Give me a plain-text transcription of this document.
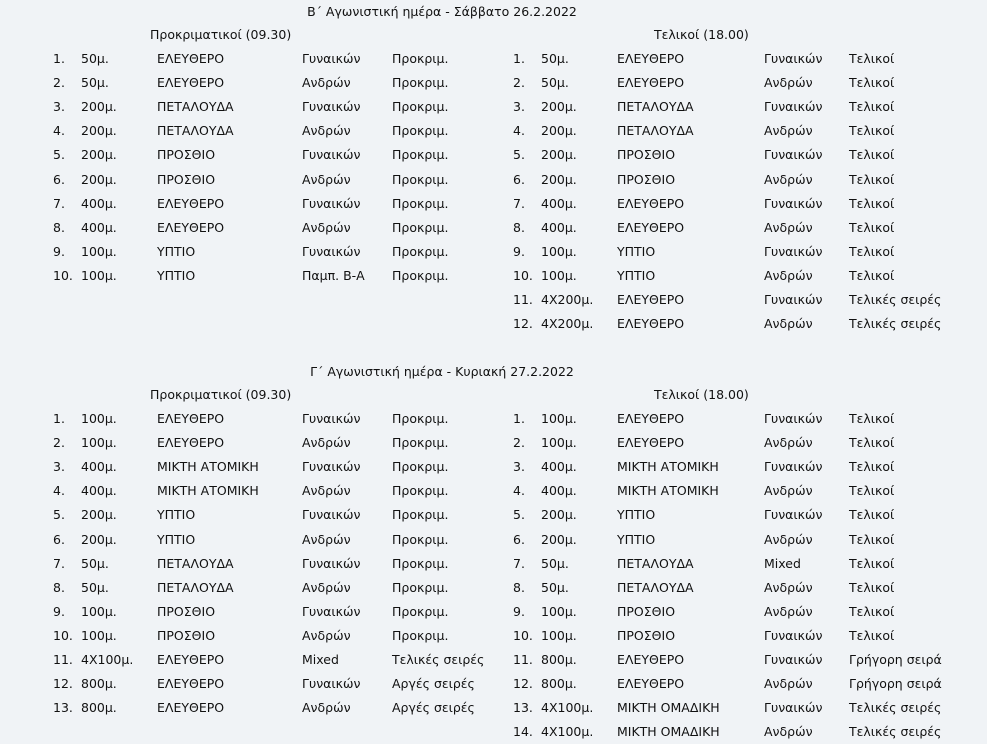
Β΄ Αγωνιστική ημέρα - Σάββατο 26.2.2022
Προκριματικοί (09.30)	Τελικοί (18.00)
1. 50μ.	ΕΛΕΥΘΕΡΟ	Γυναικών	Προκριμ.
2. 50μ.	ΕΛΕΥΘΕΡΟ	Ανδρών	Προκριμ.
3. 200μ.	ΠΕΤΑΛΟΥΔΑ	Γυναικών	Προκριμ.
4. 200μ.	ΠΕΤΑΛΟΥΔΑ	Ανδρών	Προκριμ.
5. 200μ.	ΠΡΟΣΘΙΟ	Γυναικών	Προκριμ.
6. 200μ.	ΠΡΟΣΘΙΟ	Ανδρών	Προκριμ.
7. 400μ.	ΕΛΕΥΘΕΡΟ	Γυναικών	Προκριμ.
8. 400μ.	ΕΛΕΥΘΕΡΟ	Ανδρών	Προκριμ.
9. 100μ.	ΥΠΤΙΟ	Γυναικών	Προκριμ.
10. 100μ.	ΥΠΤΙΟ	Παμπ. Β-Α Προκριμ.
1. 50μ.	ΕΛΕΥΘΕΡΟ	Γυναικών Τελικοί
2. 50μ.	ΕΛΕΥΘΕΡΟ	Ανδρών	Τελικοί
3. 200μ.	ΠΕΤΑΛΟΥΔΑ	Γυναικών Τελικοί
4. 200μ.	ΠΕΤΑΛΟΥΔΑ	Ανδρών	Τελικοί
5. 200μ.	ΠΡΟΣΘΙΟ	Γυναικών Τελικοί
6. 200μ.	ΠΡΟΣΘΙΟ	Ανδρών	Τελικοί
7. 400μ.	ΕΛΕΥΘΕΡΟ	Γυναικών Τελικοί
8. 400μ.	ΕΛΕΥΘΕΡΟ	Ανδρών	Τελικοί
9. 100μ.	ΥΠΤΙΟ	Γυναικών Τελικοί
10. 100μ.	ΥΠΤΙΟ	Ανδρών	Τελικοί
11. 4Χ200μ. ΕΛΕΥΘΕΡΟ	Γυναικών Τελικές σειρές
12. 4Χ200μ. ΕΛΕΥΘΕΡΟ	Ανδρών	Τελικές σειρές
Γ΄ Αγωνιστική ημέρα - Κυριακή 27.2.2022
Προκριματικοί (09.30)	Τελικοί (18.00)
1. 100μ.	ΕΛΕΥΘΕΡΟ	Γυναικών	Προκριμ.
2. 100μ.	ΕΛΕΥΘΕΡΟ	Ανδρών	Προκριμ.
3. 400μ.	ΜΙΚΤΗ ΑΤΟΜΙΚΗ	Γυναικών	Προκριμ.
4. 400μ.	ΜΙΚΤΗ ΑΤΟΜΙΚΗ	Ανδρών	Προκριμ.
5. 200μ.	ΥΠΤΙΟ	Γυναικών	Προκριμ.
6. 200μ.	ΥΠΤΙΟ	Ανδρών	Προκριμ.
7. 50μ.	ΠΕΤΑΛΟΥΔΑ	Γυναικών	Προκριμ.
8. 50μ.	ΠΕΤΑΛΟΥΔΑ	Ανδρών	Προκριμ.
9. 100μ.	ΠΡΟΣΘΙΟ	Γυναικών	Προκριμ.
10. 100μ.	ΠΡΟΣΘΙΟ	Ανδρών	Προκριμ.
11. 4Χ100μ. ΕΛΕΥΘΕΡΟ	Mixed	Τελικές σειρές
12. 800μ.	ΕΛΕΥΘΕΡΟ	Γυναικών	Αργές σειρές
13. 800μ.	ΕΛΕΥΘΕΡΟ	Ανδρών	Αργές σειρές
1. 100μ.	ΕΛΕΥΘΕΡΟ	Γυναικών Τελικοί
2. 100μ.	ΕΛΕΥΘΕΡΟ	Ανδρών	Τελικοί
3. 400μ.	ΜΙΚΤΗ ΑΤΟΜΙΚΗ	Γυναικών Τελικοί
4. 400μ.	ΜΙΚΤΗ ΑΤΟΜΙΚΗ	Ανδρών	Τελικοί
5. 200μ.	ΥΠΤΙΟ	Γυναικών Τελικοί
6. 200μ.	ΥΠΤΙΟ	Ανδρών	Τελικοί
7. 50μ.	ΠΕΤΑΛΟΥΔΑ	Mixed	Τελικοί
8. 50μ.	ΠΕΤΑΛΟΥΔΑ	Ανδρών	Τελικοί
9. 100μ.	ΠΡΟΣΘΙΟ	Ανδρών	Τελικοί
10. 100μ.	ΠΡΟΣΘΙΟ	Γυναικών Τελικοί
11. 800μ.	ΕΛΕΥΘΕΡΟ	Γυναικών Γρήγορη σειρά
12. 800μ.	ΕΛΕΥΘΕΡΟ	Ανδρών	Γρήγορη σειρά
13. 4Χ100μ. ΜΙΚΤΗ ΟΜΑΔΙΚΗ	Γυναικών Τελικές σειρές
14. 4Χ100μ. ΜΙΚΤΗ ΟΜΑΔΙΚΗ	Ανδρών	Τελικές σειρές
